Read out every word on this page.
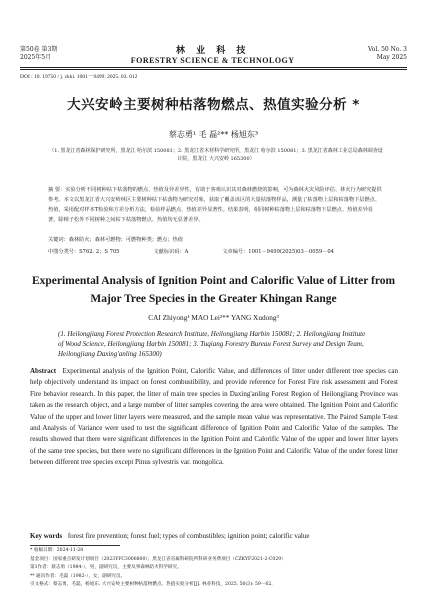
第50卷 第3期
2025年5月
林 业 科 技
FORESTRY SCIENCE & TECHNOLOGY
Vol. 50 No. 3
May 2025
DOI : 10. 19750 / j. ckki. 1001－9499. 2025. 03. 012
大兴安岭主要树种枯落物燃点、热值实验分析 *
蔡志勇¹ 毛 磊²** 杨旭东³
（1. 黑龙江省森林保护研究所，黑龙江 哈尔滨 150081；2. 黑龙江省木材科学研究所，黑龙江 哈尔滨 150081；3. 黑龙江省森林工业总局森林调查设计院，黑龙江 大兴安岭 165300）
摘 要：实验分析不同树种枯下枯落物的燃点、热值及异差异性，有助于客观认识其对森林燃烧的影响，可为森林火灾风险评估、林火行为研究提供参考。本文以黑龙江省大兴安岭林区主要树种枯下枯落物为研究对象，获取了覆盖该区的大量枯落物样品，测量了枯落物上层和枯落物下层燃点、热值，采用配对样本T检验和方差分析方法，检验样品燃点、热值差异显著性。结果表明，相同树种枯落物上层和枯落物下层燃点、热值差异显著，除樟子松外不同树种之间枯下枯落物燃点、热值均无显著差异。
关键词：森林防火；森林可燃物；可燃物种类；燃点；热值
中图分类号：S762. 2；S 705	文献标识码：A	文章编号：1001－9499(2025)03－0059－04
Experimental Analysis of Ignition Point and Calorific Value of Litter from Major Tree Species in the Greater Khingan Range
CAI Zhiyong¹ MAO Lei²** YANG Xudong³
(1. Heilongjiang Forest Protection Research Institute, Heilongjiang Harbin 150081; 2. Heilongjiang Institute of Wood Science, Heilongjiang Harbin 150081; 3. Tuqiang Forestry Bureau Forest Survey and Design Team, Heilongjiang Daxing'anling 165300)
Abstract Experimental analysis of the Ignition Point, Calorific Value, and differences of litter under different tree species can help objectively understand its impact on forest combustibility, and provide reference for Forest Fire risk assessment and Forest Fire behavior research. In this paper, the litter of main tree species in Daxing'anling Forest Region of Heilongjiang Province was taken as the research object, and a large number of litter samples covering the area were obtained. The Ignition Point and Calorific Value of the upper and lower litter layers were measured, and the sample mean value was representative. The Paired Sample T-test and Analysis of Variance were used to test the significant difference of Ignition Point and Calorific Value of the samples. The results showed that there were significant differences in the Ignition Point and Calorific Value of the upper and lower litter layers of the same tree species, but there were no significant differences in the Ignition Point and Calorific Value of the under forest litter between different tree species except Pinus sylvestris var. mongolica.
Key words forest fire prevention; forest fuel; types of combustibles; ignition point; calorific value
* 收稿日期：2024-11-28
基金项目：国家重点研发计划项目（2023YFC3006800）；黑龙江省省属科研院所科研业务费项目（CZKYF2021-2-C029）
第1作者：蔡志勇（1984-），男，副研究员，主要从事森林防火科学研究。
** 通讯作者：毛磊（1982-），女，副研究员。
引文格式：蔡志勇，毛磊，杨旭东. 大兴安岭主要树种枯落物燃点、热值实验分析[J]. 林业科技，2025, 50(3): 59－62.
